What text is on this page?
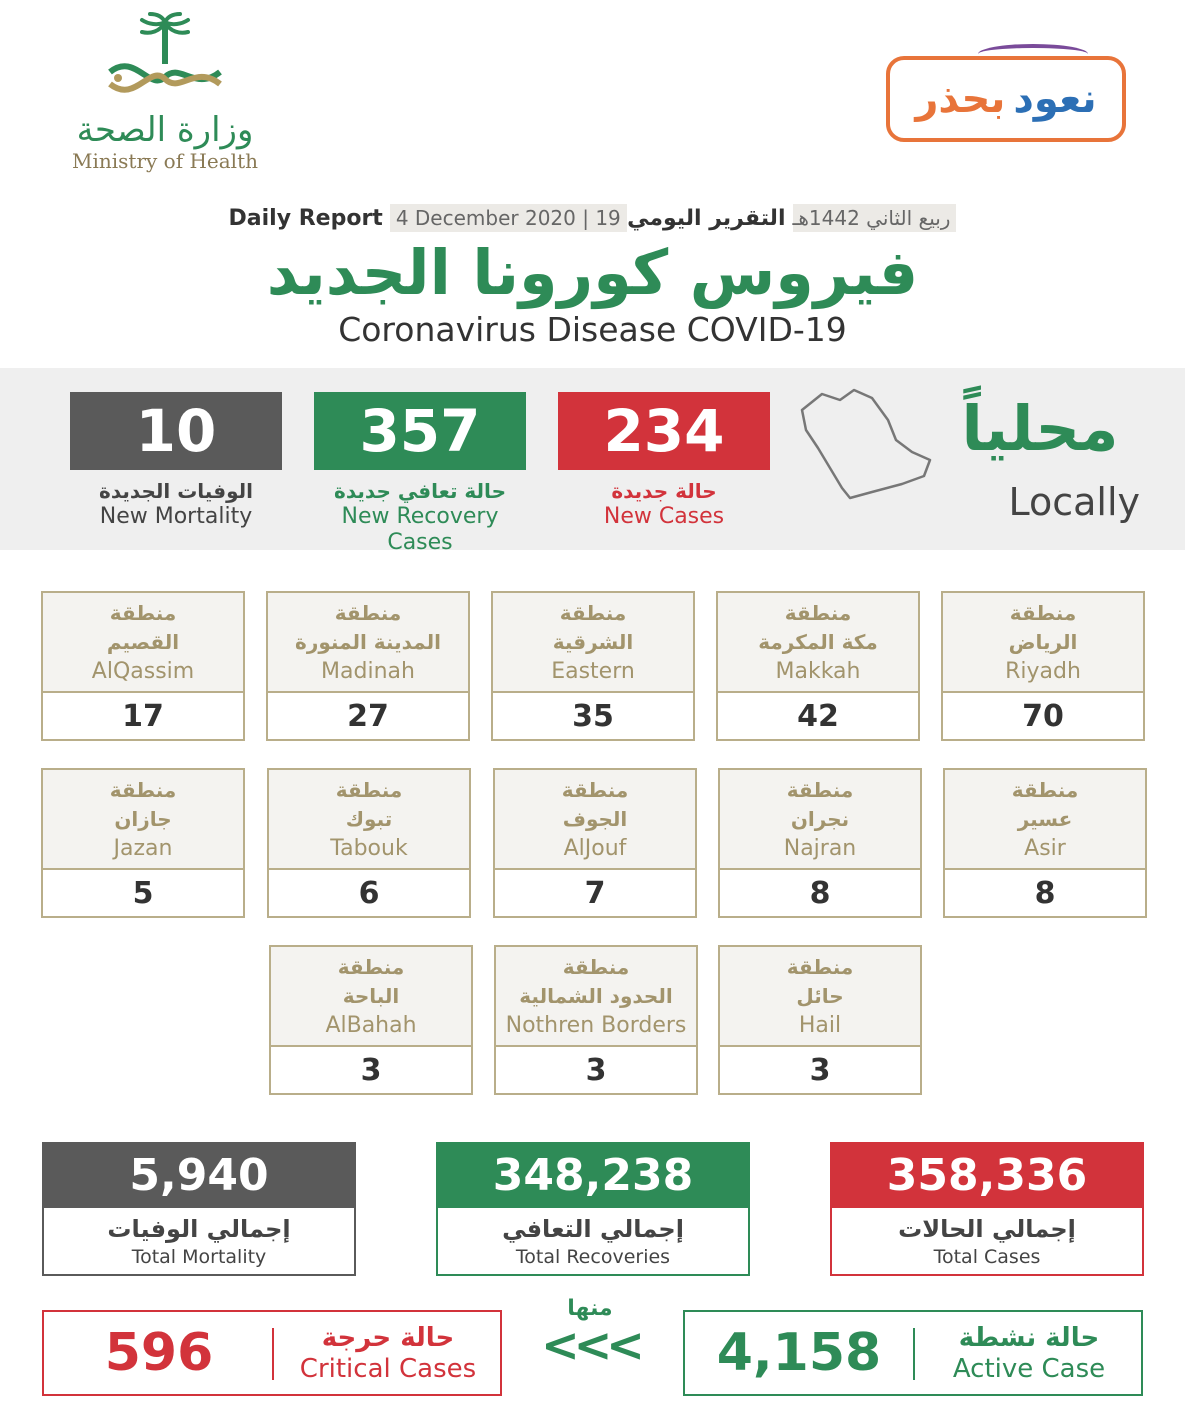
وزارة الصحة
Ministry of Health
نعود
بحذر
Daily Report 4 December 2020 | 19 ربيع الثاني 1442هـ التقرير اليومي
فيروس كورونا الجديد
Coronavirus Disease COVID-19
10
الوفيات الجديدة
New Mortality
357
حالة تعافي جديدة
New Recovery Cases
234
حالة جديدة
New Cases
محلياً
Locally
منطقة
الرياض
Riyadh
70
منطقة
مكة المكرمة
Makkah
42
منطقة
الشرقية
Eastern
35
منطقة
المدينة المنورة
Madinah
27
منطقة
القصيم
AlQassim
17
منطقة
عسير
Asir
8
منطقة
نجران
Najran
8
منطقة
الجوف
AlJouf
7
منطقة
تبوك
Tabouk
6
منطقة
جازان
Jazan
5
منطقة
حائل
Hail
3
منطقة
الحدود الشمالية
Nothren Borders
3
منطقة
الباحة
AlBahah
3
5,940
إجمالي الوفيات
Total Mortality
348,238
إجمالي التعافي
Total Recoveries
358,336
إجمالي الحالات
Total Cases
596	حالة حرجة
Critical Cases
منها
<<<	4,158	حالة نشطة
Active Case
